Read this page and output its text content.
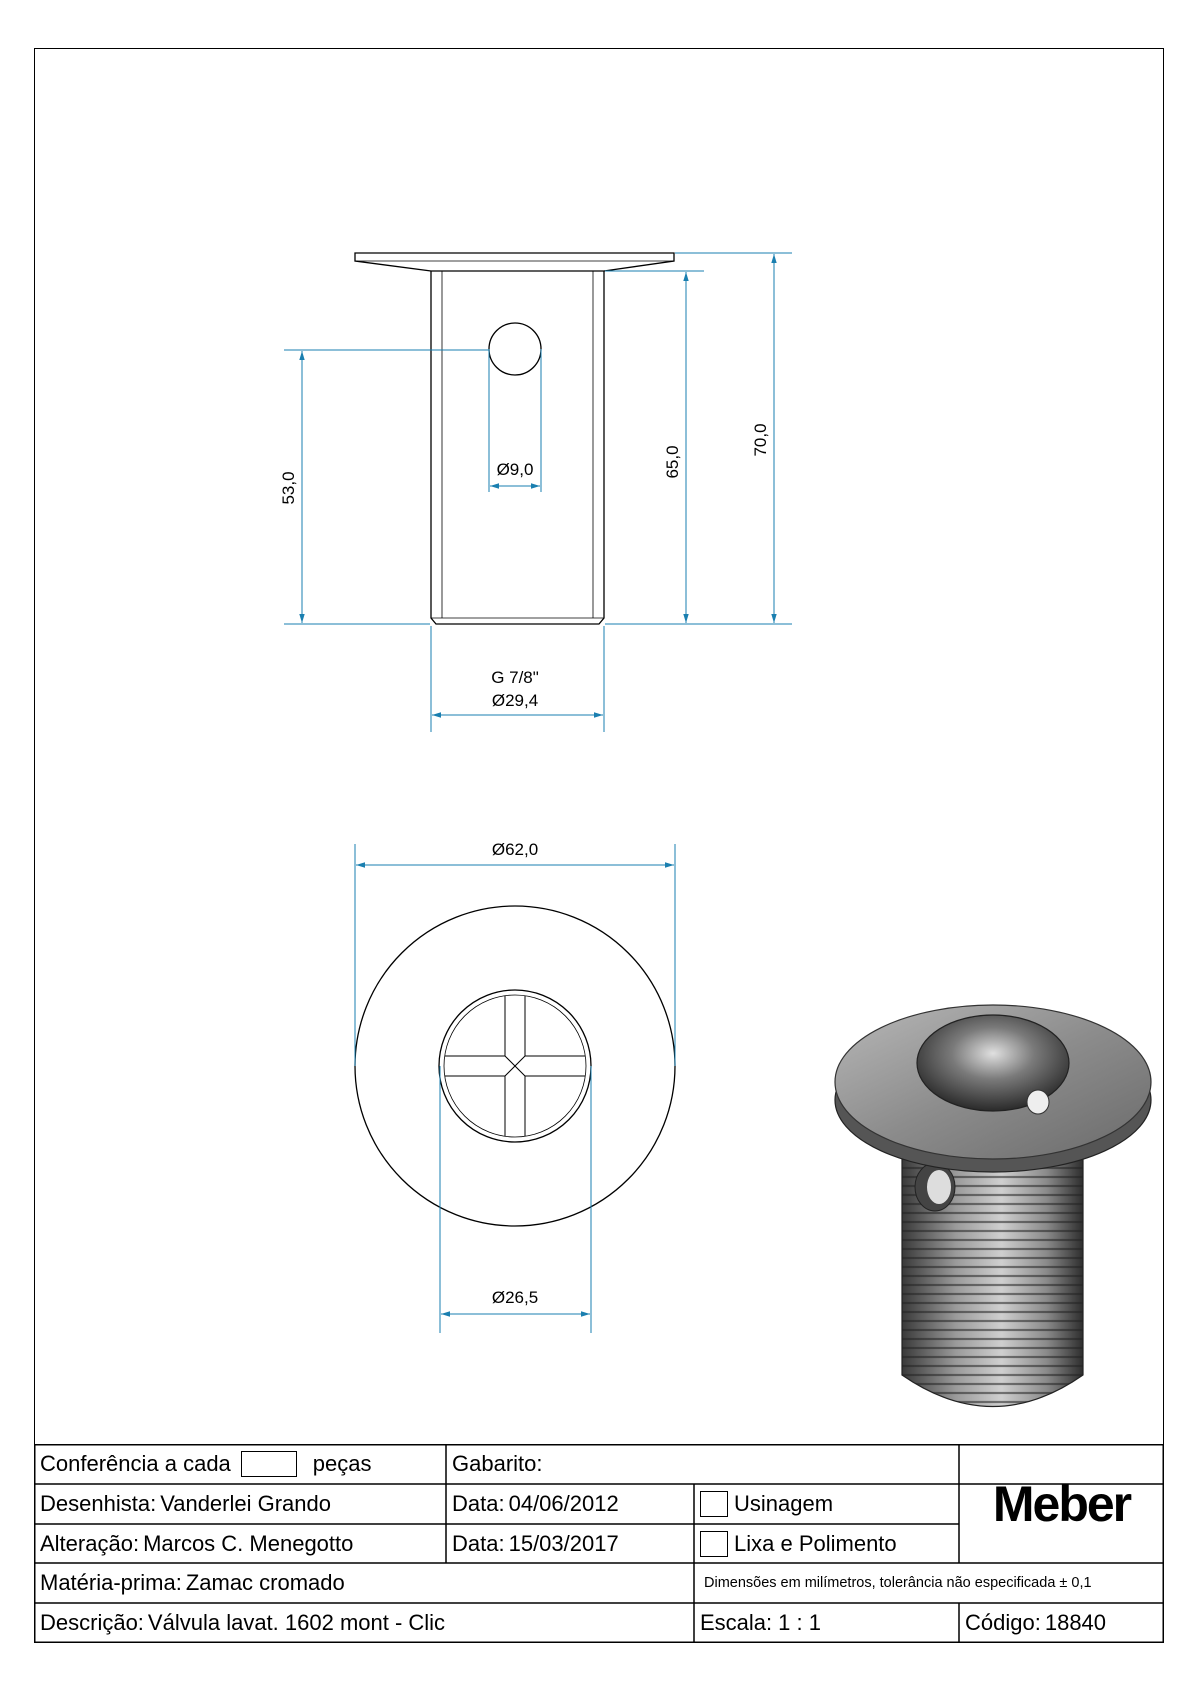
53,0
Ø9,0	65,0
70,0
G 7/8"
Ø29,4
Ø62,0
Ø26,5
Conferência a cada	peças	Gabarito:
Meber
Desenhista: Vanderlei Grando	Data: 04/06/2012	Usinagem
Alteração: Marcos C. Menegotto	Data: 15/03/2017	Lixa e Polimento
Matéria-prima: Zamac cromado	Dimensões em milímetros, tolerância não especificada ± 0,1
Descrição: Válvula lavat. 1602 mont - Clic	Escala: 1 : 1	Código: 18840
